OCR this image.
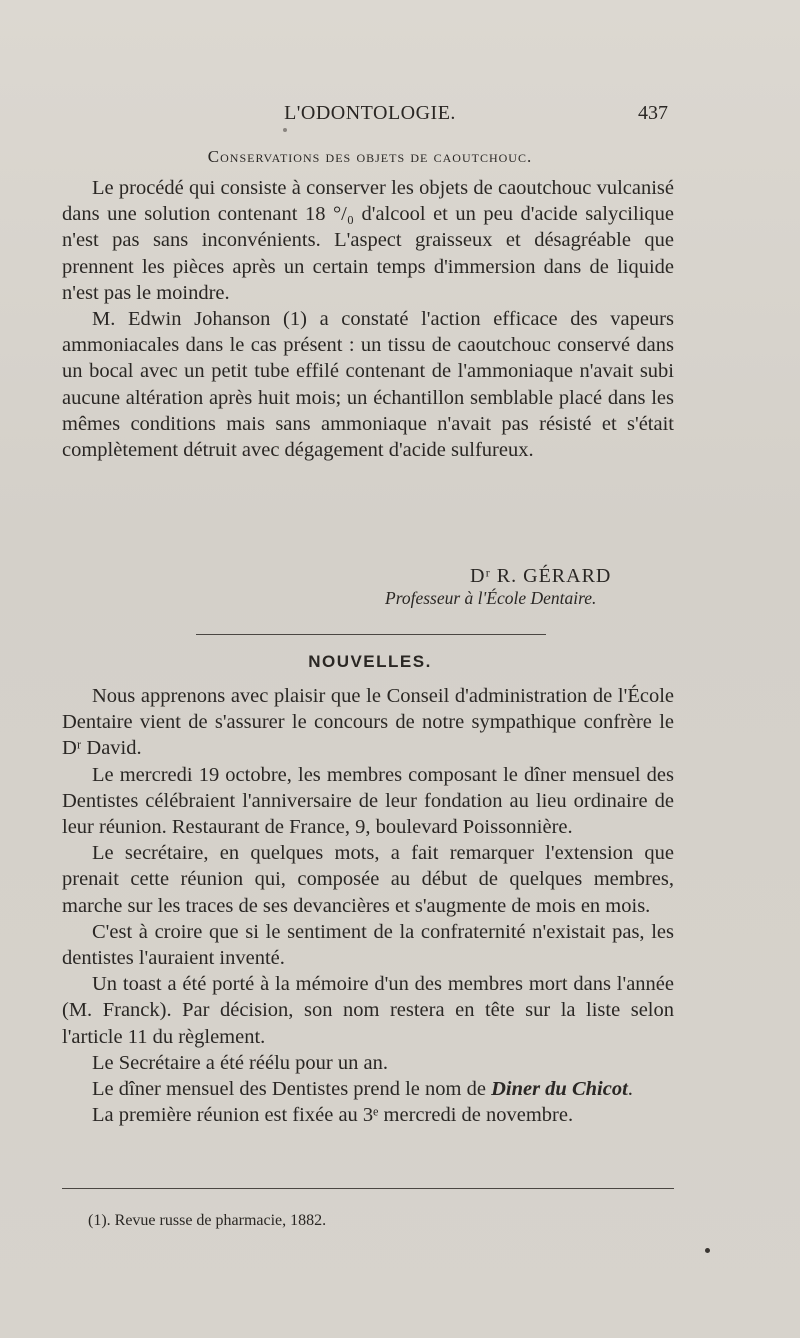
L'ODONTOLOGIE.	437
Conservations des objets de caoutchouc.

Le procédé qui consiste à conserver les objets de caoutchouc vulcanisé dans une solution contenant 18 °/₀ d'alcool et un peu d'acide salycilique n'est pas sans inconvénients. L'aspect graisseux et désagréable que prennent les pièces après un certain temps d'immersion dans de liquide n'est pas le moindre.

M. Edwin Johanson (1) a constaté l'action efficace des vapeurs ammoniacales dans le cas présent : un tissu de caoutchouc conservé dans un bocal avec un petit tube effilé contenant de l'ammoniaque n'avait subi aucune altération après huit mois; un échantillon semblable placé dans les mêmes conditions mais sans ammoniaque n'avait pas résisté et s'était complètement détruit avec dégagement d'acide sulfureux.

Dʳ R. GÉRARD
Professeur à l'École Dentaire.
NOUVELLES.

Nous apprenons avec plaisir que le Conseil d'administration de l'École Dentaire vient de s'assurer le concours de notre sympathique confrère le Dʳ David.

Le mercredi 19 octobre, les membres composant le dîner mensuel des Dentistes célébraient l'anniversaire de leur fondation au lieu ordinaire de leur réunion. Restaurant de France, 9, boulevard Poissonnière.

Le secrétaire, en quelques mots, a fait remarquer l'extension que prenait cette réunion qui, composée au début de quelques membres, marche sur les traces de ses devancières et s'augmente de mois en mois.

C'est à croire que si le sentiment de la confraternité n'existait pas, les dentistes l'auraient inventé.

Un toast a été porté à la mémoire d'un des membres mort dans l'année (M. Franck). Par décision, son nom restera en tête sur la liste selon l'article 11 du règlement.

Le Secrétaire a été réélu pour un an.

Le dîner mensuel des Dentistes prend le nom de Diner du Chicot.

La première réunion est fixée au 3ᵉ mercredi de novembre.

(1). Revue russe de pharmacie, 1882.
